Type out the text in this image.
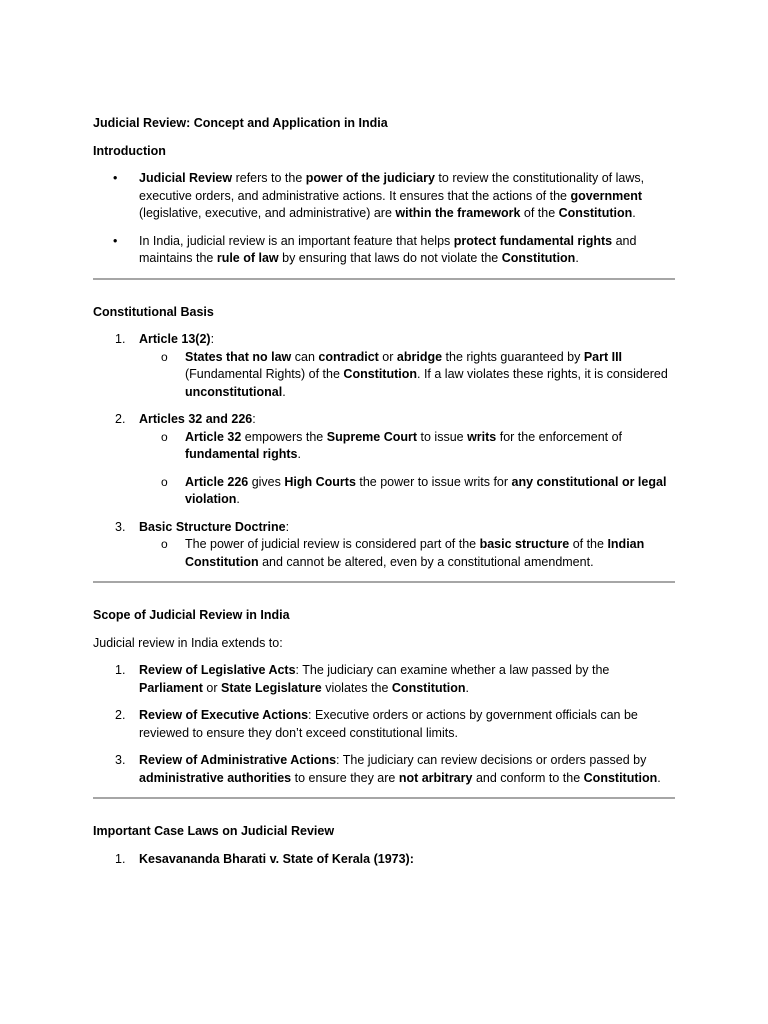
Judicial Review: Concept and Application in India
Introduction
• Judicial Review refers to the power of the judiciary to review the constitutionality of laws, executive orders, and administrative actions. It ensures that the actions of the government (legislative, executive, and administrative) are within the framework of the Constitution.
• In India, judicial review is an important feature that helps protect fundamental rights and maintains the rule of law by ensuring that laws do not violate the Constitution.
Constitutional Basis
1. Article 13(2):
o States that no law can contradict or abridge the rights guaranteed by Part III (Fundamental Rights) of the Constitution. If a law violates these rights, it is considered unconstitutional.
2. Articles 32 and 226:
o Article 32 empowers the Supreme Court to issue writs for the enforcement of fundamental rights.
o Article 226 gives High Courts the power to issue writs for any constitutional or legal violation.
3. Basic Structure Doctrine:
o The power of judicial review is considered part of the basic structure of the Indian Constitution and cannot be altered, even by a constitutional amendment.
Scope of Judicial Review in India
Judicial review in India extends to:
1. Review of Legislative Acts: The judiciary can examine whether a law passed by the Parliament or State Legislature violates the Constitution.
2. Review of Executive Actions: Executive orders or actions by government officials can be reviewed to ensure they don’t exceed constitutional limits.
3. Review of Administrative Actions: The judiciary can review decisions or orders passed by administrative authorities to ensure they are not arbitrary and conform to the Constitution.
Important Case Laws on Judicial Review
1. Kesavananda Bharati v. State of Kerala (1973):
